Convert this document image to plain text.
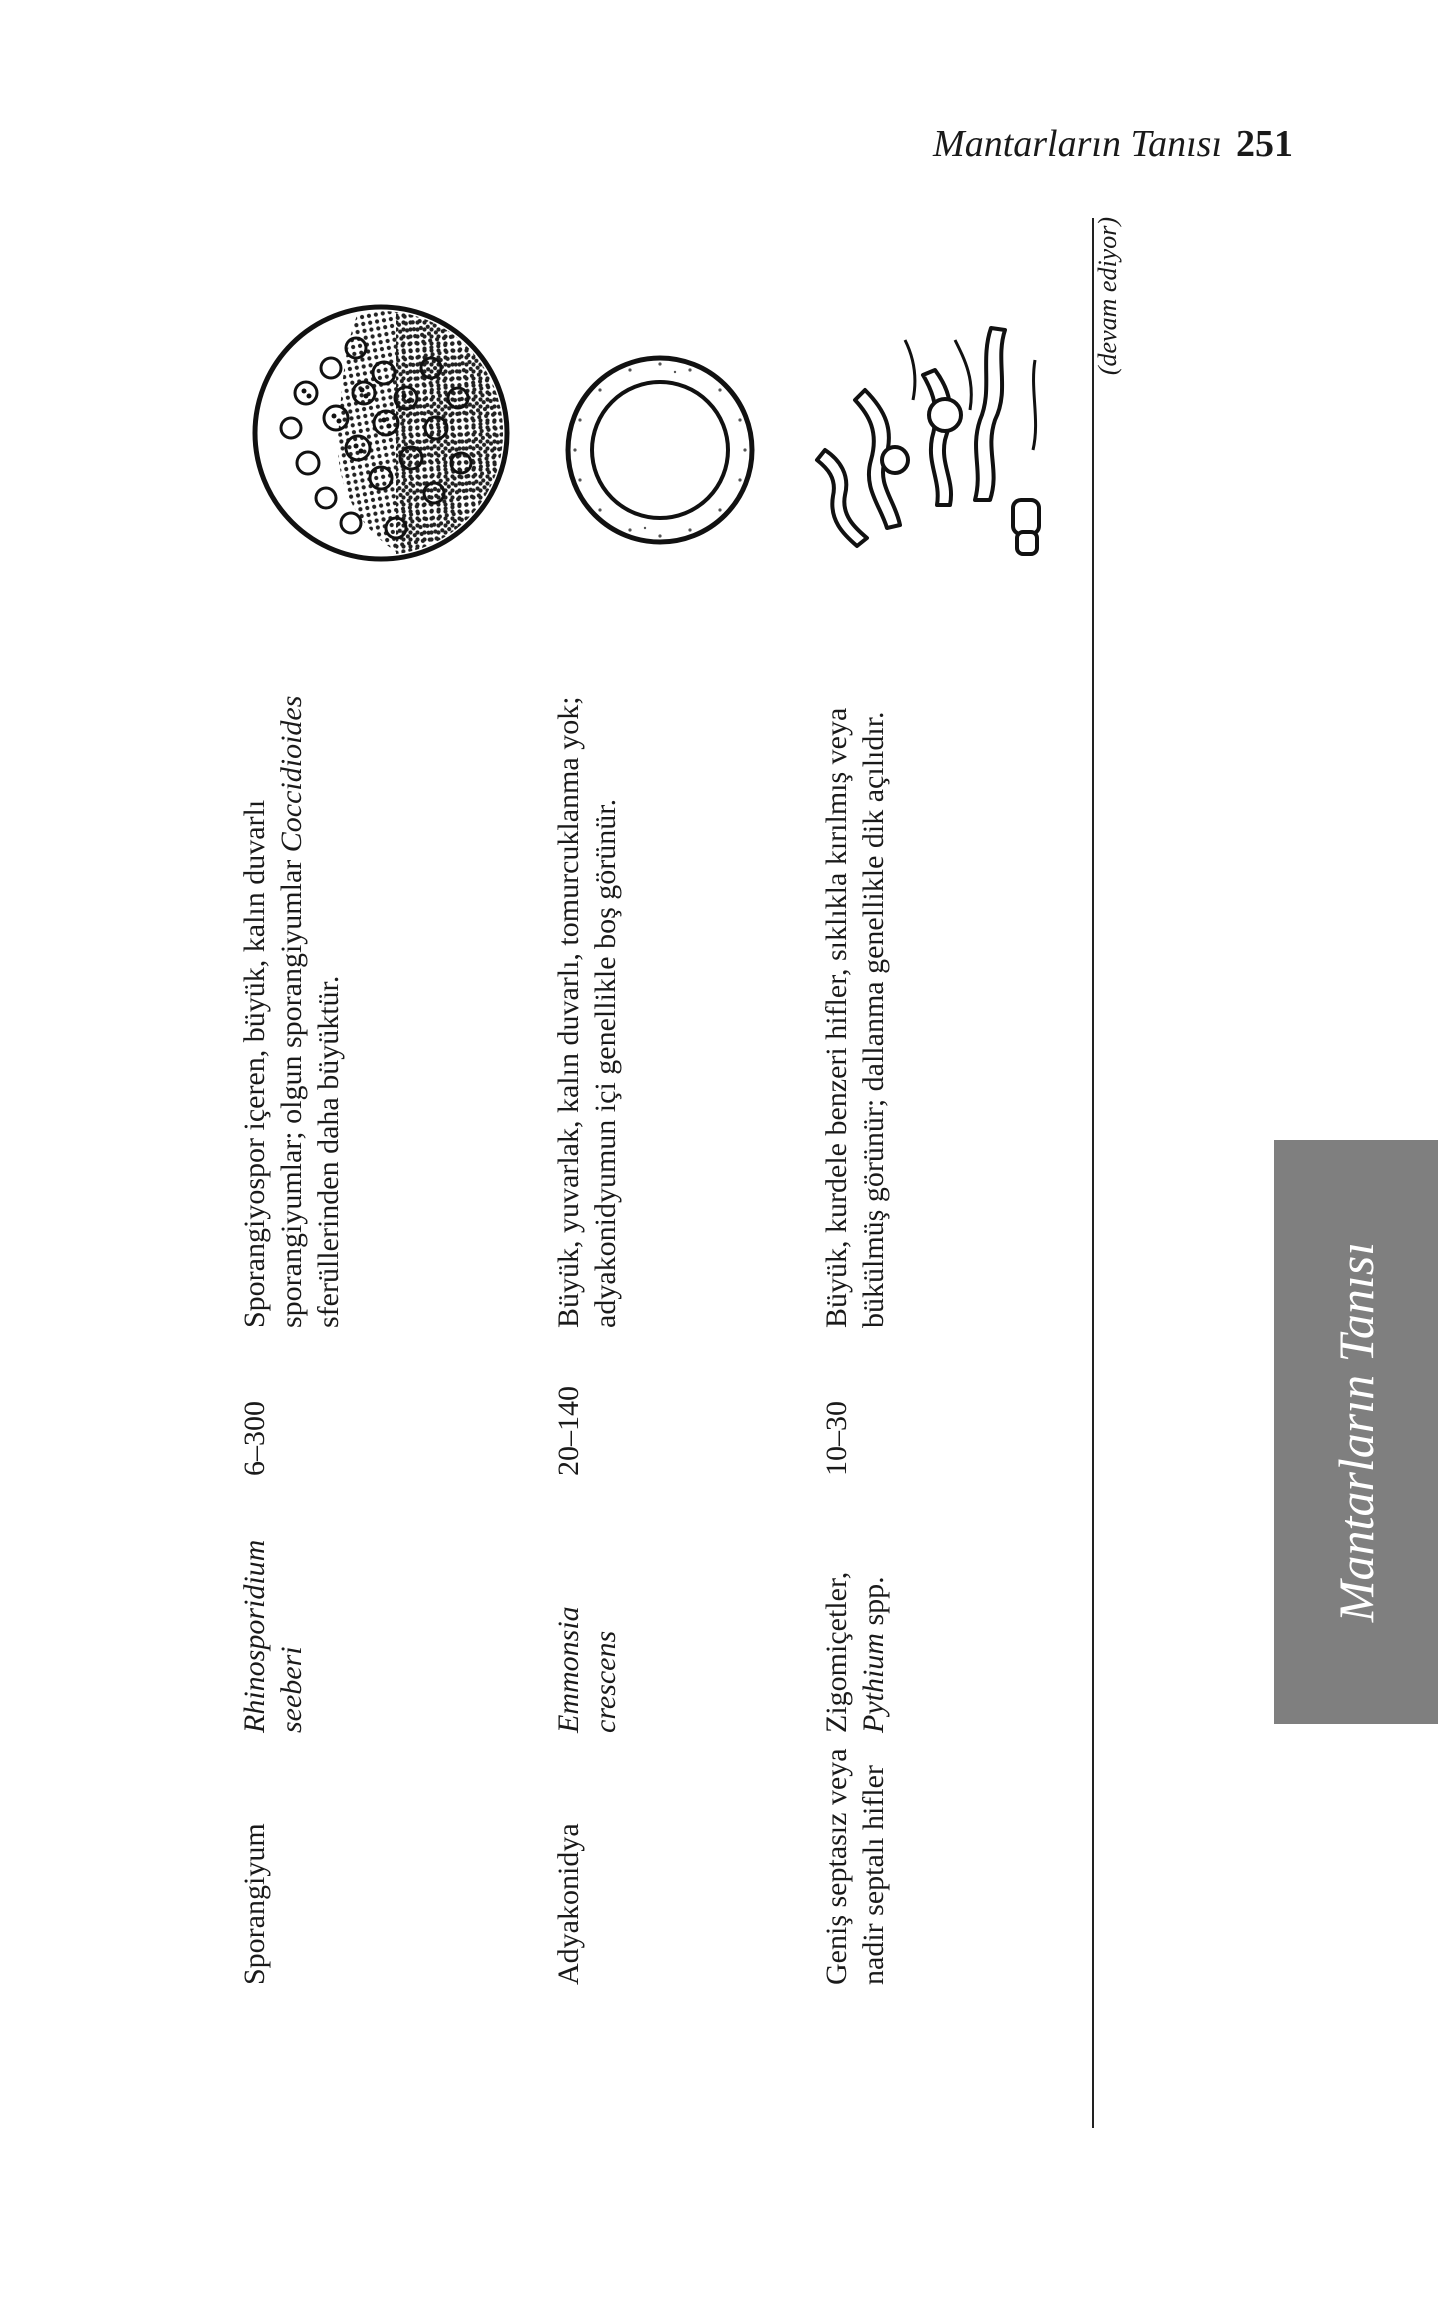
Mantarların Tanısı 251
Mantarların Tanısı
(devam ediyor)
Sporangiyum
Rhinosporidium seeberi
6–300
Sporangiyospor içeren, büyük, kalın duvarlı sporangiyumlar; olgun sporangiyumlar Coccidioides
sferüllerinden daha büyüktür.
Adyakonidya
Emmonsia crescens
20–140
Büyük, yuvarlak, kalın duvarlı, tomurcuklanma yok; adyakonidyumun içi genellikle boş görünür.
Geniş septasız veya nadir septalı hifler
Zigomiçetler, Pythium spp.
10–30
Büyük, kurdele benzeri hifler, sıklıkla kırılmış veya bükülmüş görünür; dallanma genellikle dik açılıdır.
